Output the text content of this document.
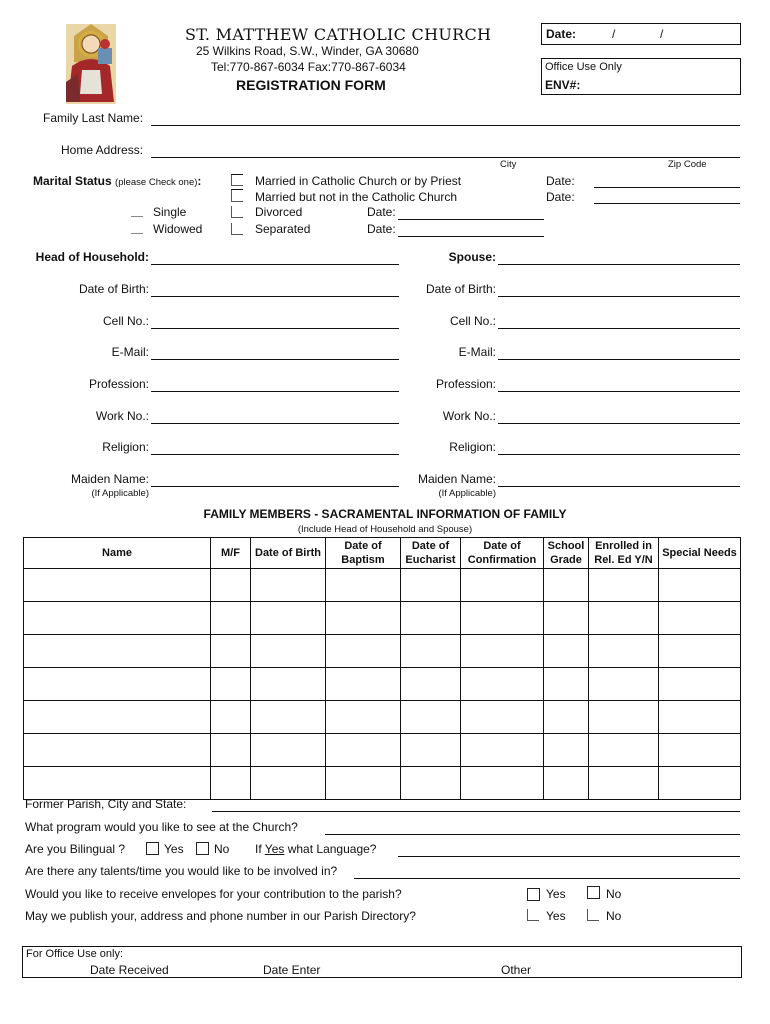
ST. MATTHEW CATHOLIC CHURCH
25 Wilkins Road, S.W., Winder, GA 30680
Tel:770-867-6034 Fax:770-867-6034
REGISTRATION FORM
Date:	/	/
Office Use Only
ENV#:
Family Last Name:
Home Address:
City	Zip Code
Marital Status (please Check one):	Married in Catholic Church or by Priest	Date:
Married but not in the Catholic Church	Date:
Single
Widowed
Divorced	Date:
Separated	Date:
Head of Household:
Date of Birth:
Cell No.:
E-Mail:
Profession:
Work No.:
Religion:
Maiden Name:
(If Applicable)
Spouse:
Date of Birth:
Cell No.:
E-Mail:
Profession:
Work No.:
Religion:
Maiden Name:
(If Applicable)
FAMILY MEMBERS - SACRAMENTAL INFORMATION OF FAMILY
(Include Head of Household and Spouse)
Name	M/F	Date of Birth	Date of Baptism	Date of Eucharist	Date of Confirmation	School Grade	Enrolled in Rel. Ed Y/N	Special Needs

Former Parish, City and State:
What program would you like to see at the Church?
Are you Bilingual ?	Yes	No If Yes what Language?
Are there any talents/time you would like to be involved in?
Would you like to receive envelopes for your contribution to the parish?	Yes	No
May we publish your, address and phone number in our Parish Directory?	Yes	No
For Office Use only:
Date Received	Date Enter	Other
